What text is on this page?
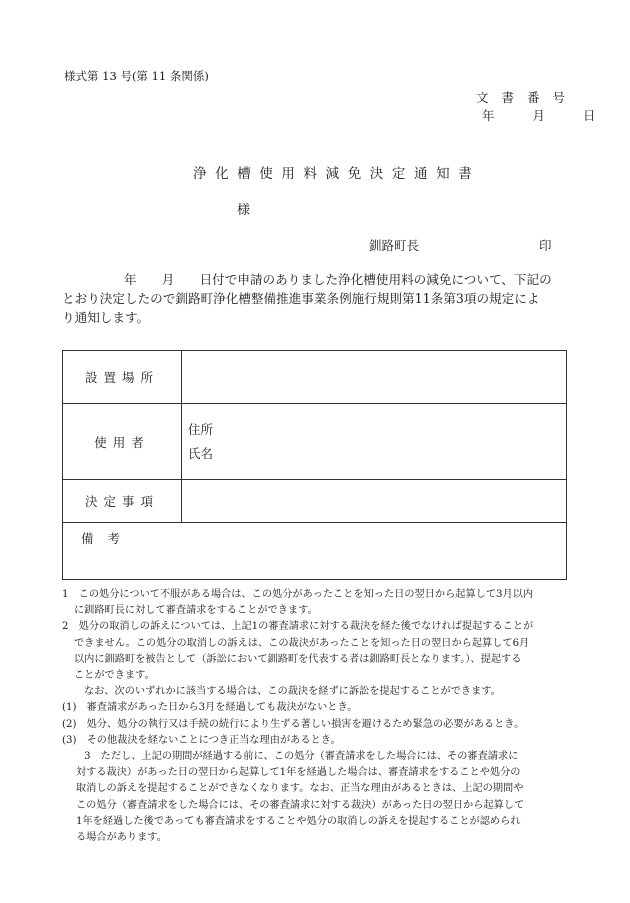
様式第 13 号(第 11 条関係)
文書番号
年	月	日
浄化槽使用料減免決定通知書
様
釧路町長	印
年　　月　　日付で申請のありました浄化槽使用料の減免について、下記の
とおり決定したので釧路町浄化槽整備推進事業条例施行規則第11条第3項の規定によ
り通知します。
設置場所	
使用者	住所
氏名

決定事項	
備考	
1　この処分について不服がある場合は、この処分があったことを知った日の翌日から起算して3月以内
に釧路町長に対して審査請求をすることができます。
2　処分の取消しの訴えについては、上記1の審査請求に対する裁決を経た後でなければ提起することが
できません。この処分の取消しの訴えは、この裁決があったことを知った日の翌日から起算して6月
以内に釧路町を被告として（訴訟において釧路町を代表する者は釧路町長となります。）、提起する
ことができます。
なお、次のいずれかに該当する場合は、この裁決を経ずに訴訟を提起することができます。
(1)　審査請求があった日から3月を経過しても裁決がないとき。
(2)　処分、処分の執行又は手続の続行により生ずる著しい損害を避けるため緊急の必要があるとき。
(3)　その他裁決を経ないことにつき正当な理由があるとき。
3　ただし、上記の期間が経過する前に、この処分（審査請求をした場合には、その審査請求に
対する裁決）があった日の翌日から起算して1年を経過した場合は、審査請求をすることや処分の
取消しの訴えを提起することができなくなります。なお、正当な理由があるときは、上記の期間や
この処分（審査請求をした場合には、その審査請求に対する裁決）があった日の翌日から起算して
1年を経過した後であっても審査請求をすることや処分の取消しの訴えを提起することが認められ
る場合があります。
